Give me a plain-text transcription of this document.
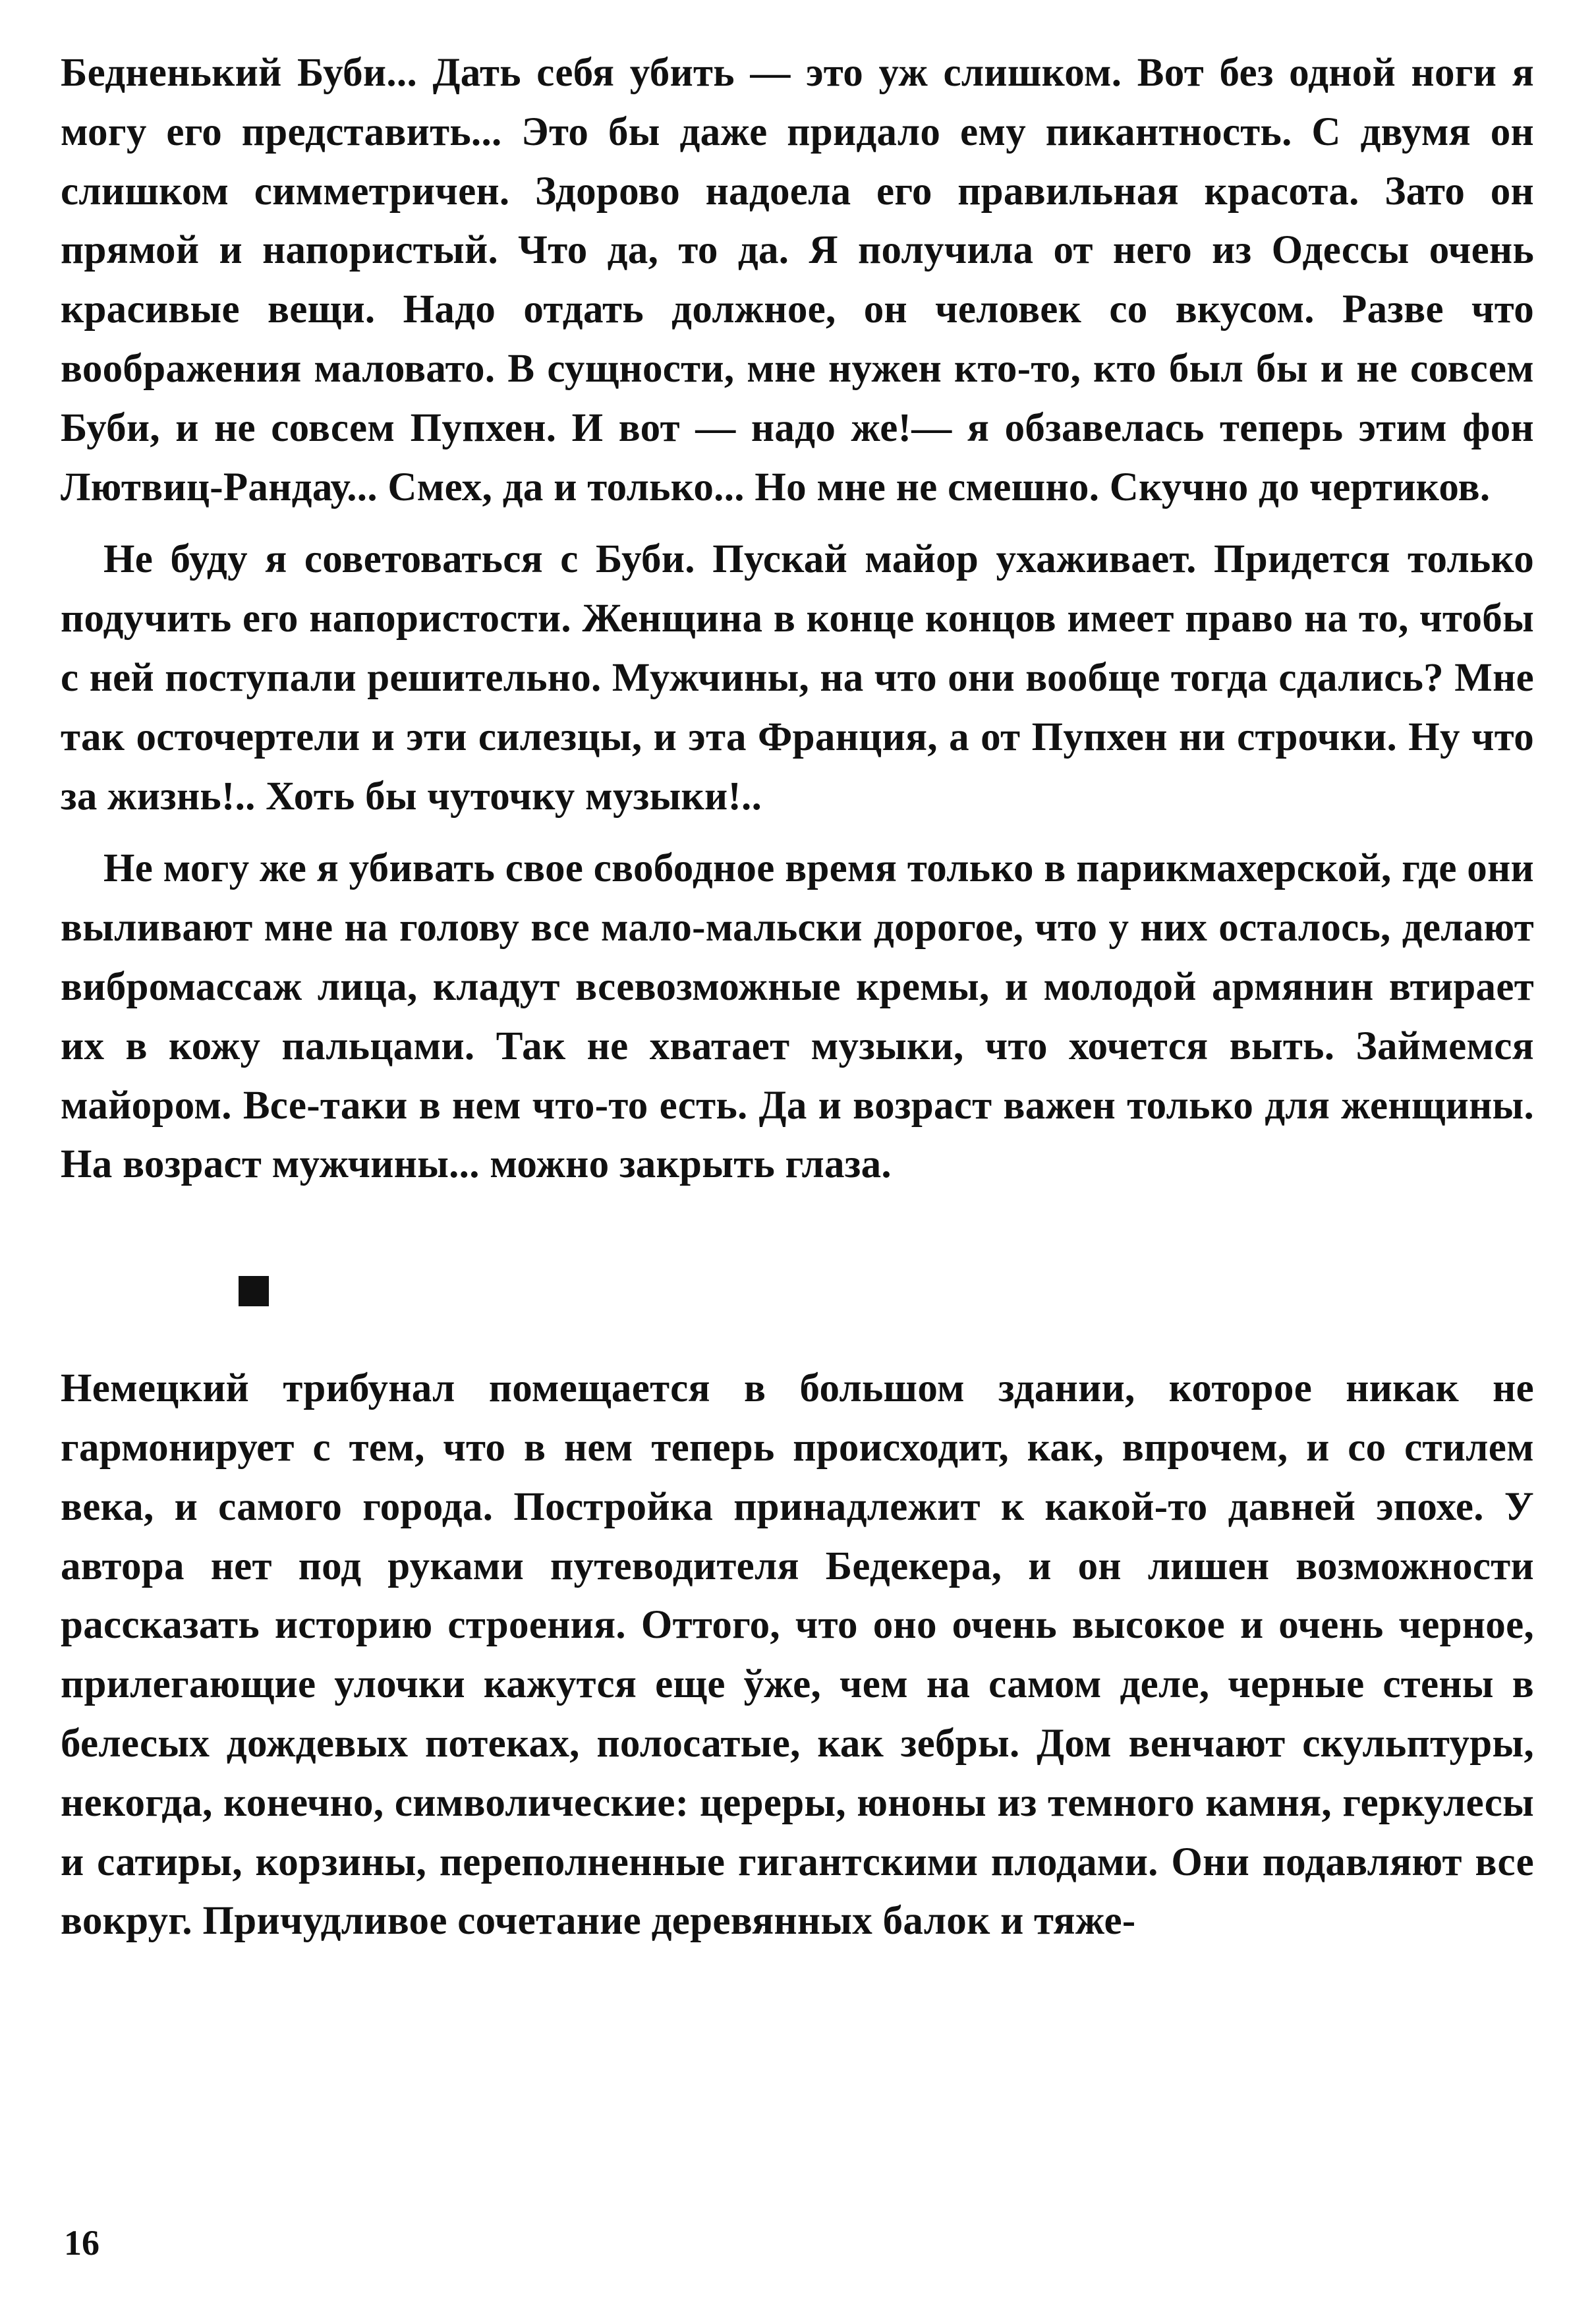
Бедненький Буби... Дать себя убить — это уж слишком. Вот без одной ноги я могу его представить... Это бы даже придало ему пикантность. С двумя он слишком симметричен. Здорово надоела его правильная красота. Зато он прямой и напористый. Что да, то да. Я получила от него из Одессы очень красивые вещи. Надо отдать должное, он человек со вкусом. Разве что воображения маловато. В сущности, мне нужен кто-то, кто был бы и не совсем Буби, и не совсем Пупхен. И вот — надо же!— я обзавелась теперь этим фон Лютвиц-Рандау... Смех, да и только... Но мне не смешно. Скучно до чертиков.

Не буду я советоваться с Буби. Пускай майор ухаживает. Придется только подучить его напористости. Женщина в конце концов имеет право на то, чтобы с ней поступали решительно. Мужчины, на что они вообще тогда сдались? Мне так осточертели и эти силезцы, и эта Франция, а от Пупхен ни строчки. Ну что за жизнь!.. Хоть бы чуточку музыки!..

Не могу же я убивать свое свободное время только в парикмахерской, где они выливают мне на голову все мало-мальски дорогое, что у них осталось, делают вибромассаж лица, кладут всевозможные кремы, и молодой армянин втирает их в кожу пальцами. Так не хватает музыки, что хочется выть. Займемся майором. Все-таки в нем что-то есть. Да и возраст важен только для женщины. На возраст мужчины... можно закрыть глаза.

Немецкий трибунал помещается в большом здании, которое никак не гармонирует с тем, что в нем теперь происходит, как, впрочем, и со стилем века, и самого города. Постройка принадлежит к какой-то давней эпохе. У автора нет под руками путеводителя Бедекера, и он лишен возможности рассказать историю строения. Оттого, что оно очень высокое и очень черное, прилегающие улочки кажутся еще ўже, чем на самом деле, черные стены в белесых дождевых потеках, полосатые, как зебры. Дом венчают скульптуры, некогда, конечно, символические: цереры, юноны из темного камня, геркулесы и сатиры, корзины, переполненные гигантскими плодами. Они подавляют все вокруг. Причудливое сочетание деревянных балок и тяже-

16
